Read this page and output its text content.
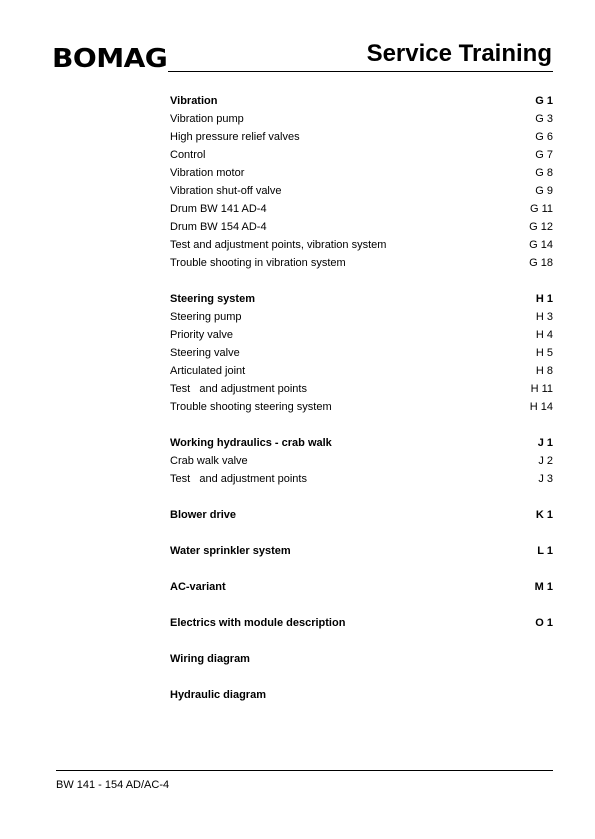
BOMAG	Service Training
Vibration	G 1
Vibration pump	G 3
High pressure relief valves	G 6
Control	G 7
Vibration motor	G 8
Vibration shut-off valve	G 9
Drum BW 141 AD-4	G 11
Drum BW 154 AD-4	G 12
Test and adjustment points, vibration system	G 14
Trouble shooting in vibration system	G 18
Steering system	H 1
Steering pump	H 3
Priority valve	H 4
Steering valve	H 5
Articulated joint	H 8
Test   and adjustment points	H 11
Trouble shooting steering system	H 14
Working hydraulics - crab walk	J 1
Crab walk valve	J 2
Test   and adjustment points	J 3
Blower drive	K 1
Water sprinkler system	L 1
AC-variant	M 1
Electrics with module description	O 1
Wiring diagram
Hydraulic diagram
BW 141 - 154 AD/AC-4
